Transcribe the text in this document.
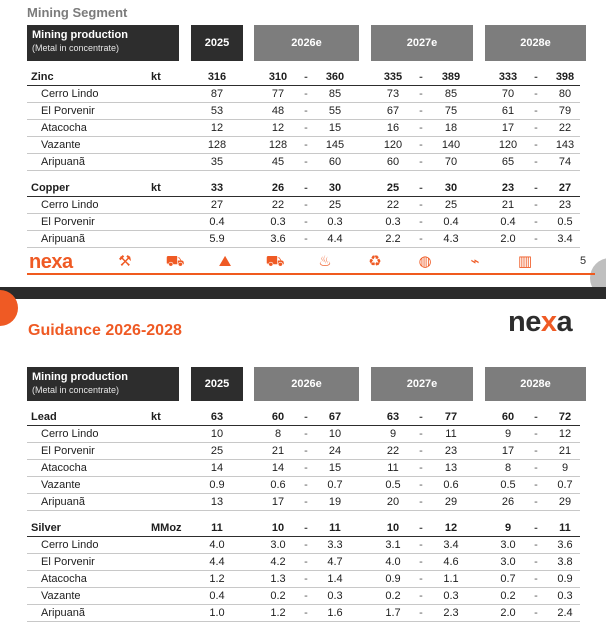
Mining Segment
Mining production
(Metal in concentrate)	2025	2026e	2027e	2028e
Zinc	kt	316	310	-	360	335	-	389	333	-	398
Cerro Lindo	87	77	-	85	73	-	85	70	-	80
El Porvenir	53	48	-	55	67	-	75	61	-	79
Atacocha	12	12	-	15	16	-	18	17	-	22
Vazante	128	128	-	145	120	-	140	120	-	143
Aripuanã	35	45	-	60	60	-	70	65	-	74
Copper	kt	33	26	-	30	25	-	30	23	-	27
Cerro Lindo	27	22	-	25	22	-	25	21	-	23
El Porvenir	0.4	0.3	-	0.3	0.3	-	0.4	0.4	-	0.5
Aripuanã	5.9	3.6	-	4.4	2.2	-	4.3	2.0	-	3.4
nexa	⚒ ⛟	⛰	⛟ ♨ ♻ ◍	⌁	▥	5
Guidance 2026-2028	nexa
Mining production
(Metal in concentrate)	2025	2026e	2027e	2028e
Lead	kt	63	60	-	67	63	-	77	60	-	72
Cerro Lindo	10	8	-	10	9	-	11	9	-	12
El Porvenir	25	21	-	24	22	-	23	17	-	21
Atacocha	14	14	-	15	11	-	13	8	-	9
Vazante	0.9	0.6	-	0.7	0.5	-	0.6	0.5	-	0.7
Aripuanã	13	17	-	19	20	-	29	26	-	29
Silver	MMoz	11	10	-	11	10	-	12	9	-	11
Cerro Lindo	4.0	3.0	-	3.3	3.1	-	3.4	3.0	-	3.6
El Porvenir	4.4	4.2	-	4.7	4.0	-	4.6	3.0	-	3.8
Atacocha	1.2	1.3	-	1.4	0.9	-	1.1	0.7	-	0.9
Vazante	0.4	0.2	-	0.3	0.2	-	0.3	0.2	-	0.3
Aripuanã	1.0	1.2	-	1.6	1.7	-	2.3	2.0	-	2.4
